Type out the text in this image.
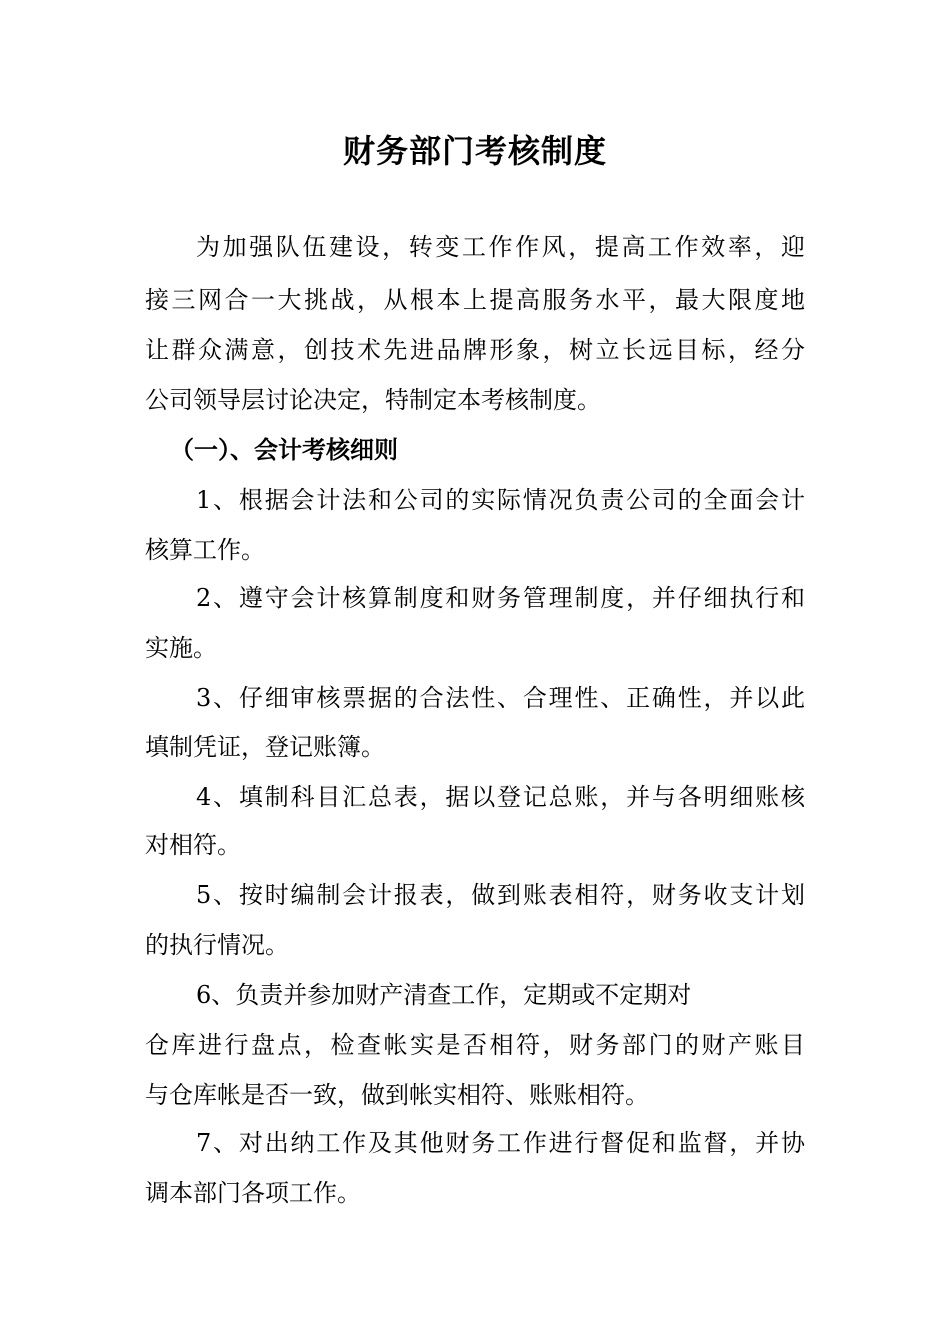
财务部门考核制度
为加强队伍建设，转变工作作风，提高工作效率，迎
接三网合一大挑战，从根本上提高服务水平，最大限度地
让群众满意，创技术先进品牌形象，树立长远目标，经分
公司领导层讨论决定，特制定本考核制度。
（一）、会计考核细则
1、根据会计法和公司的实际情况负责公司的全面会计
核算工作。
2、遵守会计核算制度和财务管理制度，并仔细执行和
实施。
3、仔细审核票据的合法性、合理性、正确性，并以此
填制凭证，登记账簿。
4、填制科目汇总表，据以登记总账，并与各明细账核
对相符。
5、按时编制会计报表，做到账表相符，财务收支计划
的执行情况。
6、负责并参加财产清查工作，定期或不定期对
仓库进行盘点，检查帐实是否相符，财务部门的财产账目
与仓库帐是否一致，做到帐实相符、账账相符。
7、对出纳工作及其他财务工作进行督促和监督，并协
调本部门各项工作。
